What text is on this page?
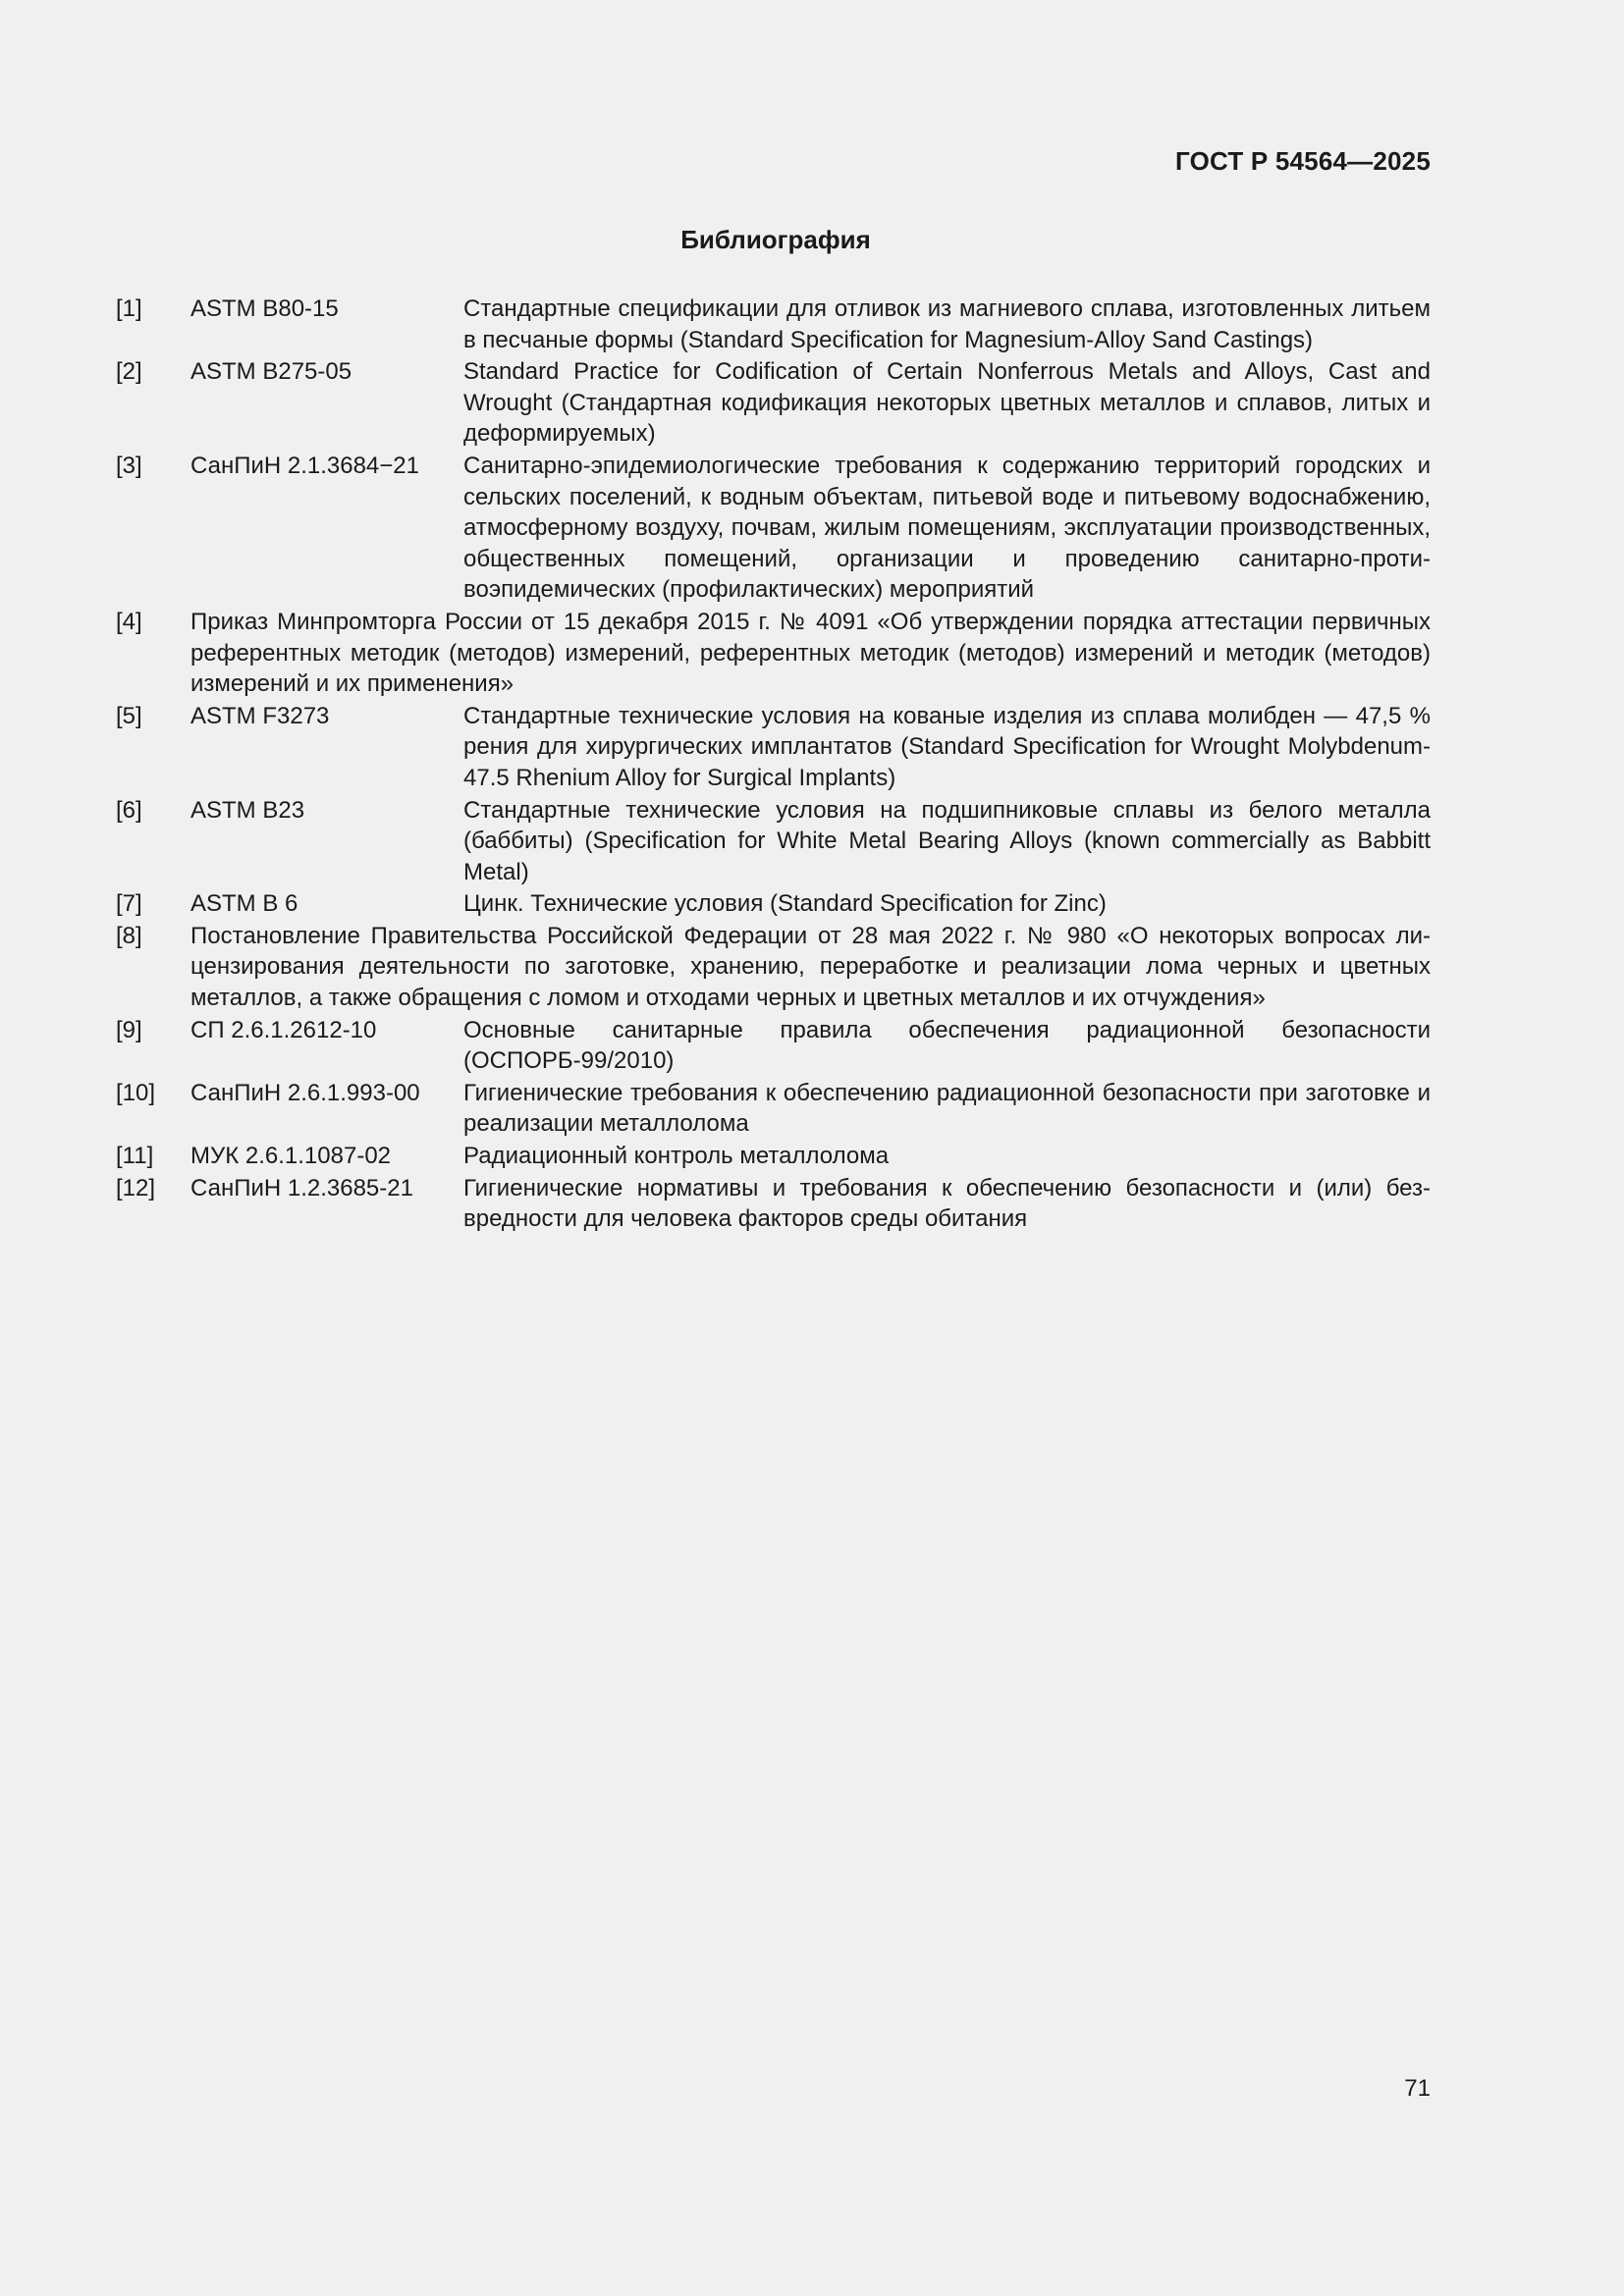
ГОСТ Р 54564—2025
Библиография
[1]	ASTM B80-15	Стандартные спецификации для отливок из магниевого сплава, изготовленных литьем в песчаные формы (Standard Specification for Magnesium-Alloy Sand Castings)
[2]	ASTM B275-05	Standard Practice for Codification of Certain Nonferrous Metals and Alloys, Cast and Wrought (Стандартная кодификация некоторых цветных металлов и сплавов, литых и деформируемых)
[3]	СанПиН 2.1.3684−21	Санитарно-эпидемиологические требования к содержанию территорий городских и сельских поселений, к водным объектам, питьевой воде и питьевому водоснабжению, атмосферному воздуху, почвам, жилым помещениям, эксплуатации производственных, общественных помещений, организации и проведению санитарно-противоэпидемических (профилактических) мероприятий
[4]	Приказ Минпромторга России от 15 декабря 2015 г. № 4091 «Об утверждении порядка аттестации первичных референтных методик (методов) измерений, референтных методик (методов) измерений и методик (методов) измерений и их применения»
[5]	ASTM F3273	Стандартные технические условия на кованые изделия из сплава молибден — 47,5 % рения для хирургических имплантатов (Standard Specification for Wrought Molybdenum-47.5 Rhenium Alloy for Surgical Implants)
[6]	ASTM B23	Стандартные технические условия на подшипниковые сплавы из белого металла (баббиты) (Specification for White Metal Bearing Alloys (known commercially as Babbitt Metal)
[7]	ASTM B 6	Цинк. Технические условия (Standard Specification for Zinc)
[8]	Постановление Правительства Российской Федерации от 28 мая 2022 г. № 980 «О некоторых вопросах лицензирования деятельности по заготовке, хранению, переработке и реализации лома черных и цветных металлов, а также обращения с ломом и отходами черных и цветных металлов и их отчуждения»
[9]	СП 2.6.1.2612-10	Основные санитарные правила обеспечения радиационной безопасности (ОСПОРБ-99/2010)
[10]	СанПиН 2.6.1.993-00	Гигиенические требования к обеспечению радиационной безопасности при заготовке и реализации металлолома
[11]	МУК 2.6.1.1087-02	Радиационный контроль металлолома
[12]	СанПиН 1.2.3685-21	Гигиенические нормативы и требования к обеспечению безопасности и (или) безвредности для человека факторов среды обитания
71
